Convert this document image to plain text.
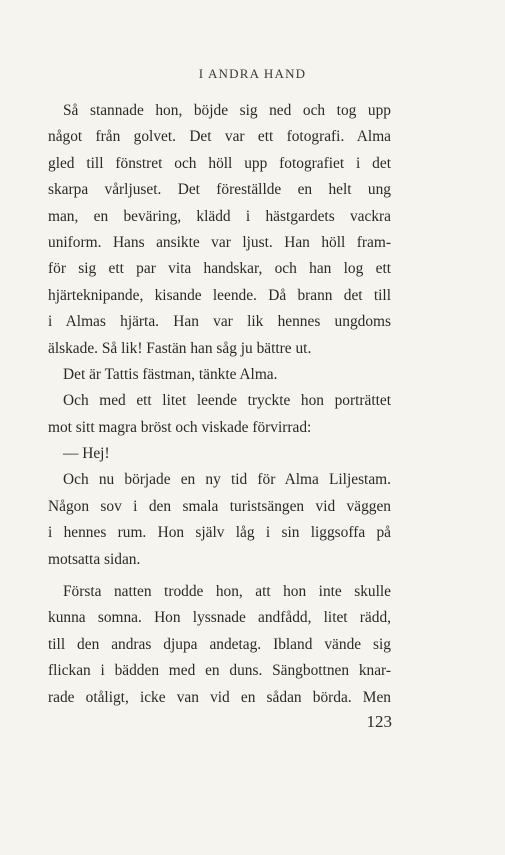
I ANDRA HAND
Så stannade hon, böjde sig ned och tog upp
något från golvet. Det var ett fotografi. Alma
gled till fönstret och höll upp fotografiet i det
skarpa vårljuset. Det föreställde en helt ung
man, en beväring, klädd i hästgardets vackra
uniform. Hans ansikte var ljust. Han höll fram-
för sig ett par vita handskar, och han log ett
hjärteknipande, kisande leende. Då brann det till
i Almas hjärta. Han var lik hennes ungdoms
älskade. Så lik! Fastän han såg ju bättre ut.
Det är Tattis fästman, tänkte Alma.
Och med ett litet leende tryckte hon porträttet
mot sitt magra bröst och viskade förvirrad:
— Hej!
Och nu började en ny tid för Alma Liljestam.
Någon sov i den smala turistsängen vid väggen
i hennes rum. Hon själv låg i sin liggsoffa på
motsatta sidan.
Första natten trodde hon, att hon inte skulle
kunna somna. Hon lyssnade andfådd, litet rädd,
till den andras djupa andetag. Ibland vände sig
flickan i bädden med en duns. Sängbottnen knar-
rade otåligt, icke van vid en sådan börda. Men
123
